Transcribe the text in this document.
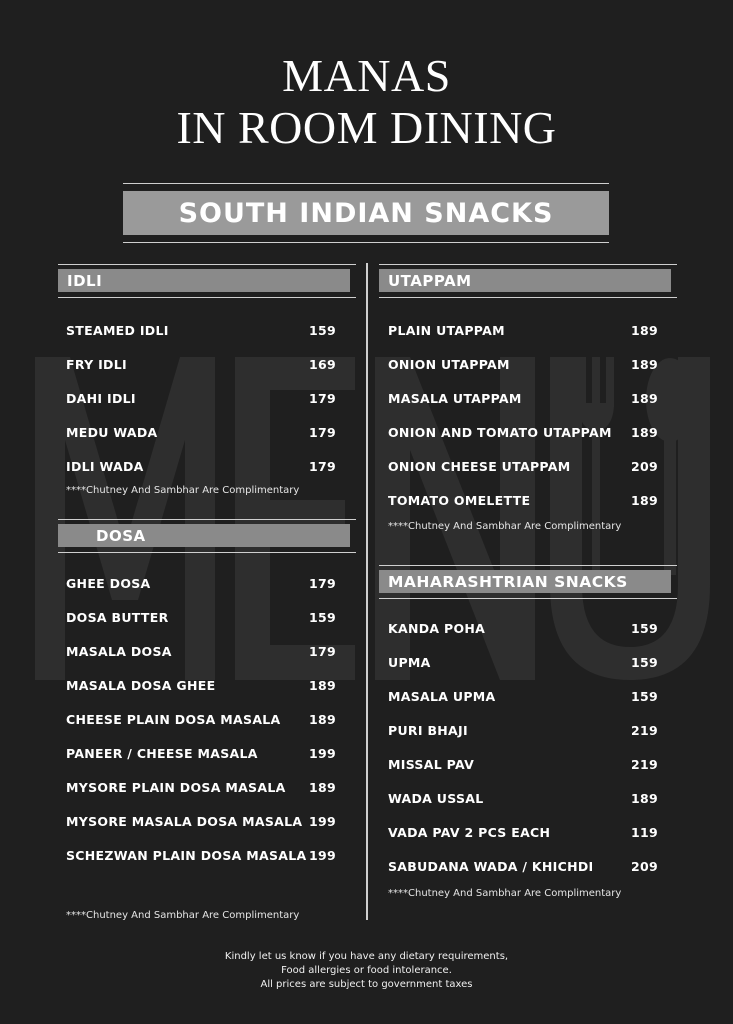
MANAS
IN ROOM DINING
SOUTH INDIAN SNACKS
IDLI
STEAMED IDLI	159
FRY IDLI	169
DAHI IDLI	179
MEDU WADA	179
IDLI WADA	179
****Chutney And Sambhar Are Complimentary
DOSA
GHEE DOSA	179
DOSA BUTTER	159
MASALA DOSA	179
MASALA DOSA GHEE	189
CHEESE PLAIN DOSA MASALA 189
PANEER / CHEESE MASALA	199
MYSORE PLAIN DOSA MASALA 189
MYSORE MASALA DOSA MASALA 199
SCHEZWAN PLAIN DOSA MASALA 199
****Chutney And Sambhar Are Complimentary
UTAPPAM
PLAIN UTAPPAM	189
ONION UTAPPAM	189
MASALA UTAPPAM	189
ONION AND TOMATO UTAPPAM 189
ONION CHEESE UTAPPAM	209
TOMATO OMELETTE	189
****Chutney And Sambhar Are Complimentary
MAHARASHTRIAN SNACKS
KANDA POHA	159
UPMA	159
MASALA UPMA	159
PURI BHAJI	219
MISSAL PAV	219
WADA USSAL	189
VADA PAV 2 PCS EACH	119
SABUDANA WADA / KHICHDI	209
****Chutney And Sambhar Are Complimentary
Kindly let us know if you have any dietary requirements,
Food allergies or food intolerance.
All prices are subject to government taxes
